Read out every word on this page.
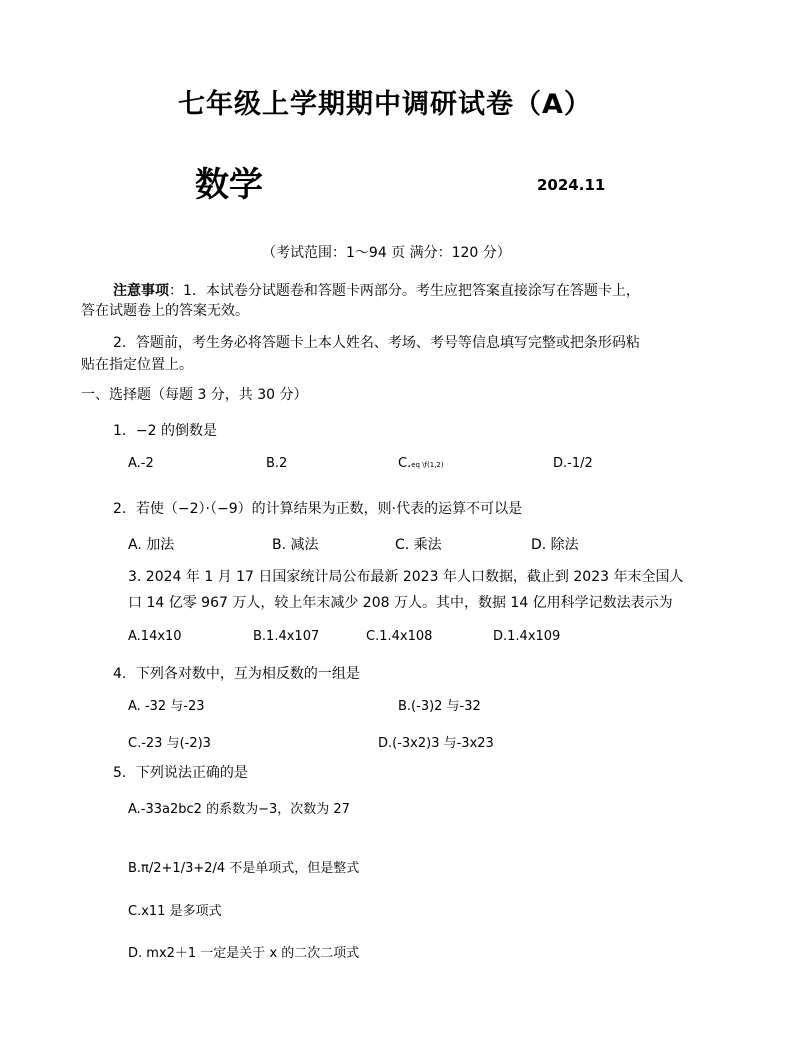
七年级上学期期中调研试卷（A）
数学	2024.11
（考试范围：1～94 页 满分：120 分）
注意事项：1．本试卷分试题卷和答题卡两部分。考生应把答案直接涂写在答题卡上，
答在试题卷上的答案无效。
2．答题前，考生务必将答题卡上本人姓名、考场、考号等信息填写完整或把条形码粘
贴在指定位置上。
一、选择题（每题 3 分，共 30 分）
1．−2 的倒数是
A.-2	B.2	C.eq \f(1,2)	D.-1/2
2．若使（−2）·（−9）的计算结果为正数，则·代表的运算不可以是
A. 加法	B. 减法	C. 乘法	D. 除法
3. 2024 年 1 月 17 日国家统计局公布最新 2023 年人口数据，截止到 2023 年末全国人
口 14 亿零 967 万人，较上年末减少 208 万人。其中，数据 14 亿用科学记数法表示为
A.14x10	B.1.4x107	C.1.4x108	D.1.4x109
4．下列各对数中，互为相反数的一组是
A. -32 与-23	B.(-3)2 与-32
C.-23 与(-2)3	D.(-3x2)3 与-3x23
5．下列说法正确的是
A.-33a2bc2 的系数为−3，次数为 27
B.π/2+1/3+2/4 不是单项式，但是整式
C.x11 是多项式
D. mx2＋1 一定是关于 x 的二次二项式
